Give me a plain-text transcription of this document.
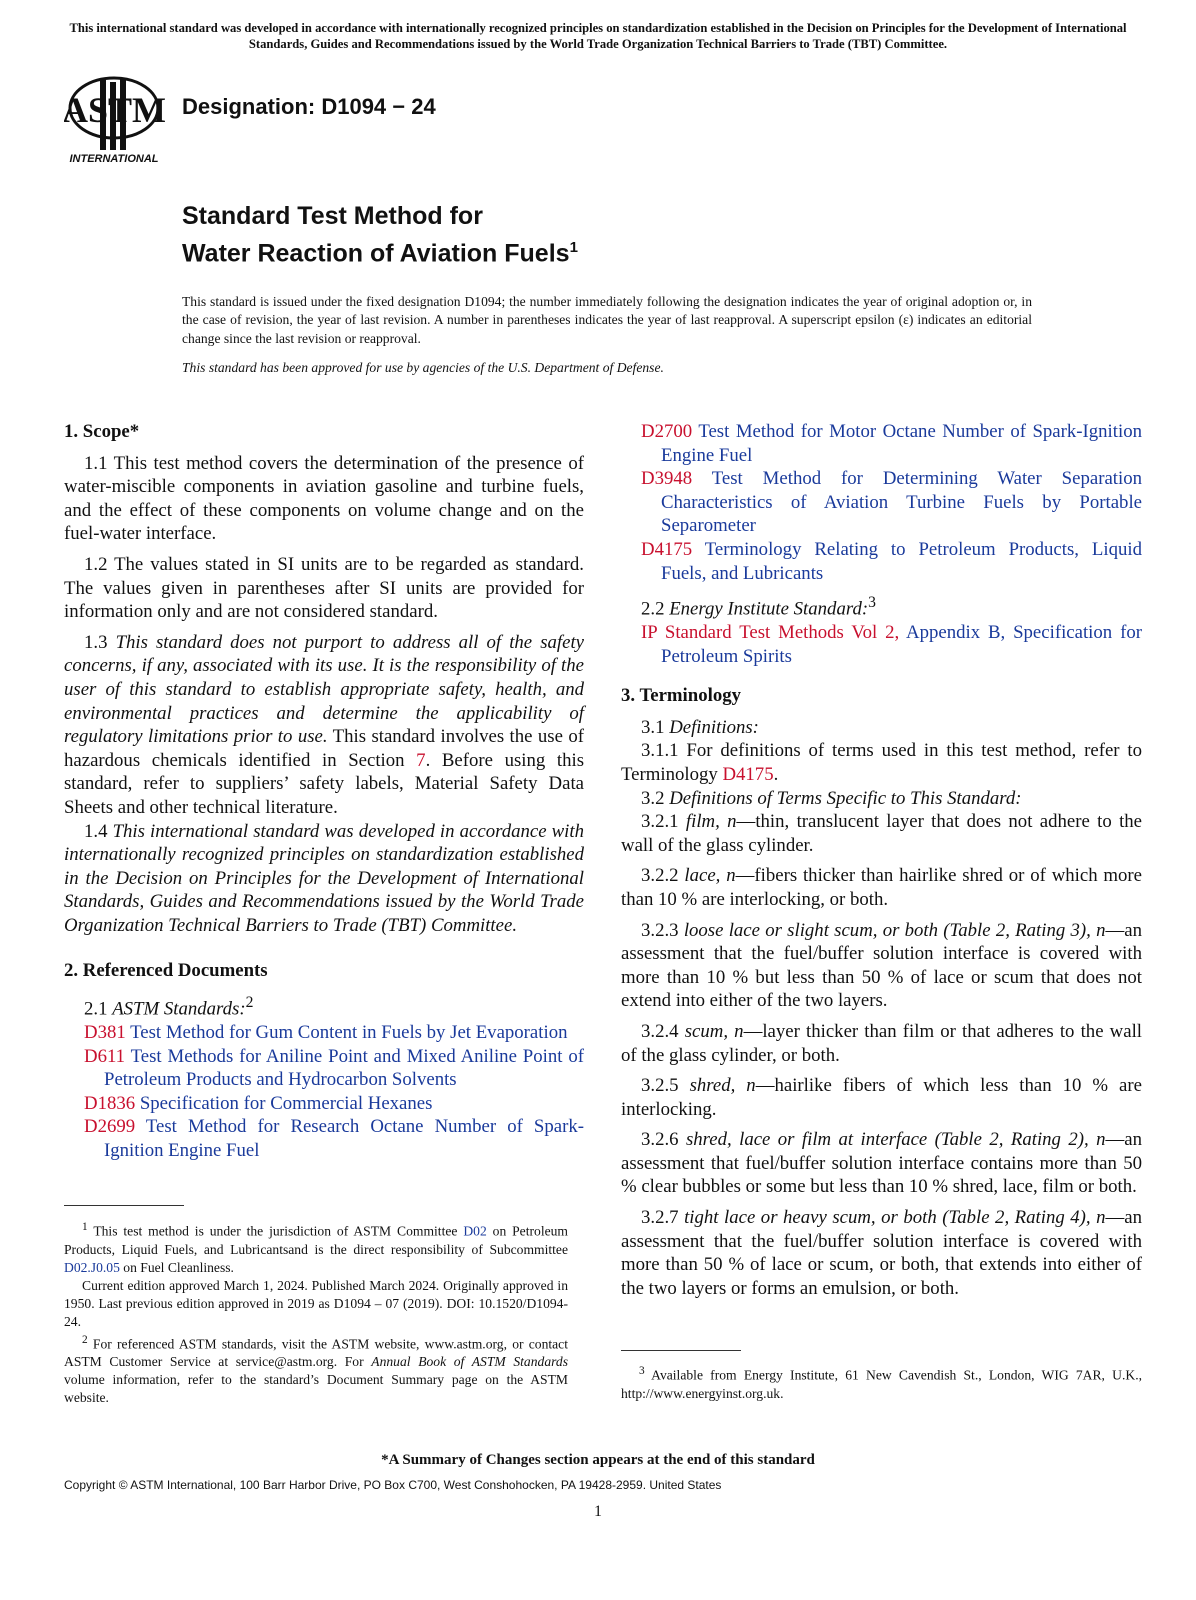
This international standard was developed in accordance with internationally recognized principles on standardization established in the Decision on Principles for the Development of International Standards, Guides and Recommendations issued by the World Trade Organization Technical Barriers to Trade (TBT) Committee.
ASTM
INTERNATIONAL
Designation: D1094 − 24
Standard Test Method for
Water Reaction of Aviation Fuels$^1$
This standard is issued under the fixed designation D1094; the number immediately following the designation indicates the year of original adoption or, in the case of revision, the year of last revision. A number in parentheses indicates the year of last reapproval. A superscript epsilon (ε) indicates an editorial change since the last revision or reapproval.
This standard has been approved for use by agencies of the U.S. Department of Defense.
1. Scope*

1.1 This test method covers the determination of the presence of water-miscible components in aviation gasoline and turbine fuels, and the effect of these components on volume change and on the fuel-water interface.

1.2 The values stated in SI units are to be regarded as standard. The values given in parentheses after SI units are provided for information only and are not considered standard.

1.3 This standard does not purport to address all of the safety concerns, if any, associated with its use. It is the responsibility of the user of this standard to establish appropriate safety, health, and environmental practices and determine the applicability of regulatory limitations prior to use. This standard involves the use of hazardous chemicals identified in Section 7. Before using this standard, refer to suppliers’ safety labels, Material Safety Data Sheets and other technical literature.

1.4 This international standard was developed in accordance with internationally recognized principles on standardization established in the Decision on Principles for the Development of International Standards, Guides and Recommendations issued by the World Trade Organization Technical Barriers to Trade (TBT) Committee.

2. Referenced Documents

2.1 ASTM Standards:$^2$

D381 Test Method for Gum Content in Fuels by Jet Evaporation

D611 Test Methods for Aniline Point and Mixed Aniline Point of Petroleum Products and Hydrocarbon Solvents

D1836 Specification for Commercial Hexanes

D2699 Test Method for Research Octane Number of Spark-Ignition Engine Fuel

$^1$ This test method is under the jurisdiction of ASTM Committee D02 on Petroleum Products, Liquid Fuels, and Lubricantsand is the direct responsibility of Subcommittee D02.J0.05 on Fuel Cleanliness.

Current edition approved March 1, 2024. Published March 2024. Originally approved in 1950. Last previous edition approved in 2019 as D1094 – 07 (2019). DOI: 10.1520/D1094-24.

$^2$ For referenced ASTM standards, visit the ASTM website, www.astm.org, or contact ASTM Customer Service at service@astm.org. For Annual Book of ASTM Standards volume information, refer to the standard’s Document Summary page on the ASTM website.

D2700 Test Method for Motor Octane Number of Spark-Ignition Engine Fuel

D3948 Test Method for Determining Water Separation Characteristics of Aviation Turbine Fuels by Portable Separometer

D4175 Terminology Relating to Petroleum Products, Liquid Fuels, and Lubricants

2.2 Energy Institute Standard:$^3$

IP Standard Test Methods Vol 2, Appendix B, Specification for Petroleum Spirits

3. Terminology

3.1 Definitions:

3.1.1 For definitions of terms used in this test method, refer to Terminology D4175.

3.2 Definitions of Terms Specific to This Standard:

3.2.1 film, n—thin, translucent layer that does not adhere to the wall of the glass cylinder.

3.2.2 lace, n—fibers thicker than hairlike shred or of which more than 10 % are interlocking, or both.

3.2.3 loose lace or slight scum, or both (Table 2, Rating 3), n—an assessment that the fuel/buffer solution interface is covered with more than 10 % but less than 50 % of lace or scum that does not extend into either of the two layers.

3.2.4 scum, n—layer thicker than film or that adheres to the wall of the glass cylinder, or both.

3.2.5 shred, n—hairlike fibers of which less than 10 % are interlocking.

3.2.6 shred, lace or film at interface (Table 2, Rating 2), n—an assessment that fuel/buffer solution interface contains more than 50 % clear bubbles or some but less than 10 % shred, lace, film or both.

3.2.7 tight lace or heavy scum, or both (Table 2, Rating 4), n—an assessment that the fuel/buffer solution interface is covered with more than 50 % of lace or scum, or both, that extends into either of the two layers or forms an emulsion, or both.

$^3$ Available from Energy Institute, 61 New Cavendish St., London, WIG 7AR, U.K., http://www.energyinst.org.uk.

*A Summary of Changes section appears at the end of this standard
Copyright © ASTM International, 100 Barr Harbor Drive, PO Box C700, West Conshohocken, PA 19428-2959. United States
1
